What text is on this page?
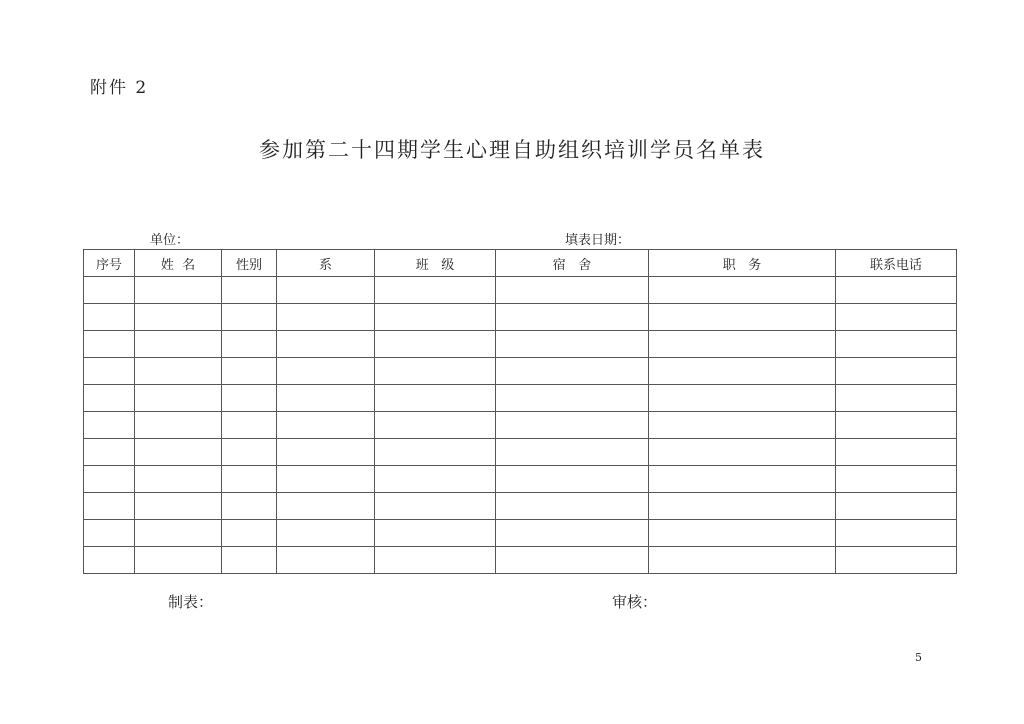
附件 2
参加第二十四期学生心理自助组织培训学员名单表
单位：	填表日期：
序号	姓  名	性别	系	班   级	宿   舍	职   务	联系电话

制表：	审核：
5
